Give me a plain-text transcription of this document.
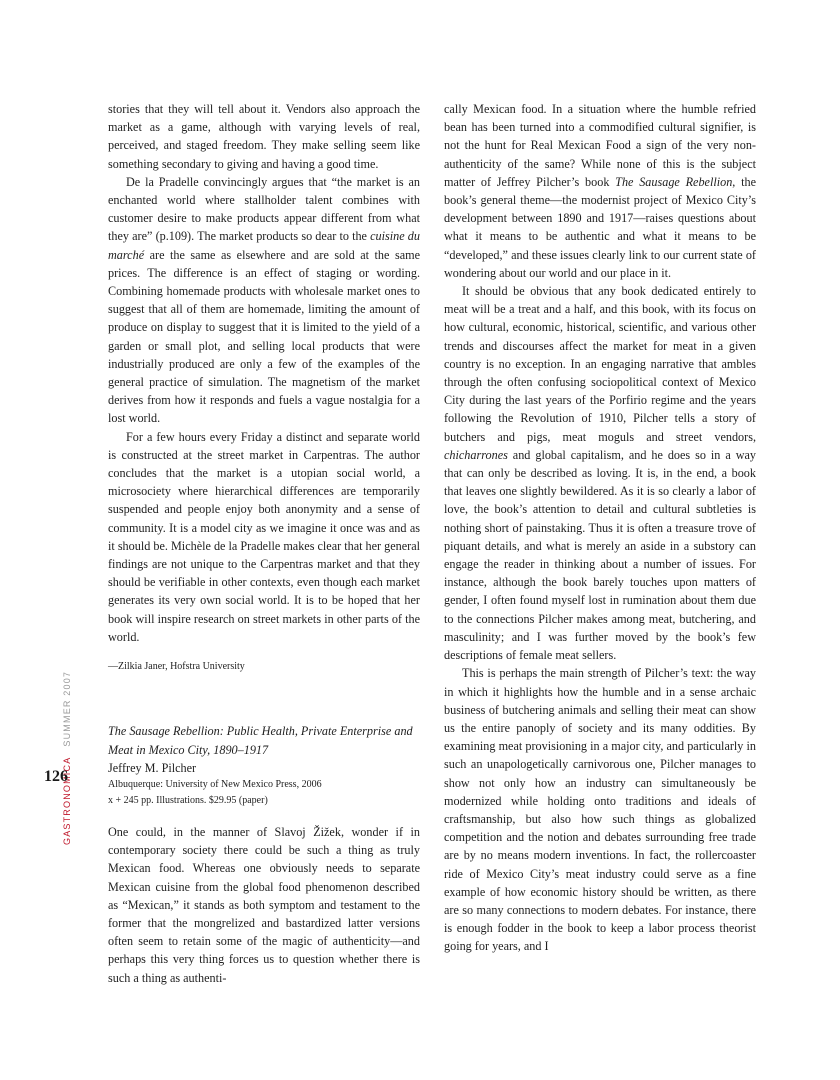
GASTRONOMICASUMMER 2007
126

stories that they will tell about it. Vendors also approach the market as a game, although with varying levels of real, perceived, and staged freedom. They make selling seem like something secondary to giving and having a good time.

De la Pradelle convincingly argues that “the market is an enchanted world where stallholder talent combines with customer desire to make products appear different from what they are” (p.109). The market products so dear to the cuisine du marché are the same as elsewhere and are sold at the same prices. The difference is an effect of staging or wording. Combining homemade products with wholesale market ones to suggest that all of them are homemade, limiting the amount of produce on display to suggest that it is limited to the yield of a garden or small plot, and selling local products that were industrially produced are only a few of the examples of the general practice of simulation. The magnetism of the market derives from how it responds and fuels a vague nostalgia for a lost world.

For a few hours every Friday a distinct and separate world is constructed at the street market in Carpentras. The author concludes that the market is a utopian social world, a microsociety where hierarchical differences are temporarily suspended and people enjoy both anonymity and a sense of community. It is a model city as we imagine it once was and as it should be. Michèle de la Pradelle makes clear that her general findings are not unique to the Carpentras market and that they should be verifiable in other contexts, even though each market generates its very own social world. It is to be hoped that her book will inspire research on street markets in other parts of the world.

—Zilkia Janer, Hofstra University

The Sausage Rebellion: Public Health, Private Enterprise and Meat in Mexico City, 1890–1917

Jeffrey M. Pilcher

Albuquerque: University of New Mexico Press, 2006

x + 245 pp. Illustrations. $29.95 (paper)

One could, in the manner of Slavoj Žižek, wonder if in contemporary society there could be such a thing as truly Mexican food. Whereas one obviously needs to separate Mexican cuisine from the global food phenomenon described as “Mexican,” it stands as both symptom and testament to the former that the mongrelized and bastardized latter versions often seem to retain some of the magic of authenticity—and perhaps this very thing forces us to question whether there is such a thing as authenti-

cally Mexican food. In a situation where the humble refried bean has been turned into a commodified cultural signifier, is not the hunt for Real Mexican Food a sign of the very non-authenticity of the same? While none of this is the subject matter of Jeffrey Pilcher’s book The Sausage Rebellion, the book’s general theme—the modernist project of Mexico City’s development between 1890 and 1917—raises questions about what it means to be authentic and what it means to be “developed,” and these issues clearly link to our current state of wondering about our world and our place in it.

It should be obvious that any book dedicated entirely to meat will be a treat and a half, and this book, with its focus on how cultural, economic, historical, scientific, and various other trends and discourses affect the market for meat in a given country is no exception. In an engaging narrative that ambles through the often confusing sociopolitical context of Mexico City during the last years of the Porfirio regime and the years following the Revolution of 1910, Pilcher tells a story of butchers and pigs, meat moguls and street vendors, chicharrones and global capitalism, and he does so in a way that can only be described as loving. It is, in the end, a book that leaves one slightly bewildered. As it is so clearly a labor of love, the book’s attention to detail and cultural subtleties is nothing short of painstaking. Thus it is often a treasure trove of piquant details, and what is merely an aside in a substory can engage the reader in thinking about a number of issues. For instance, although the book barely touches upon matters of gender, I often found myself lost in rumination about them due to the connections Pilcher makes among meat, butchering, and masculinity; and I was further moved by the book’s few descriptions of female meat sellers.

This is perhaps the main strength of Pilcher’s text: the way in which it highlights how the humble and in a sense archaic business of butchering animals and selling their meat can show us the entire panoply of society and its many oddities. By examining meat provisioning in a major city, and particularly in such an unapologetically carnivorous one, Pilcher manages to show not only how an industry can simultaneously be modernized while holding onto traditions and ideals of craftsmanship, but also how such things as globalized competition and the notion and debates surrounding free trade are by no means modern inventions. In fact, the rollercoaster ride of Mexico City’s meat industry could serve as a fine example of how economic history should be written, as there are so many connections to modern debates. For instance, there is enough fodder in the book to keep a labor process theorist going for years, and I
